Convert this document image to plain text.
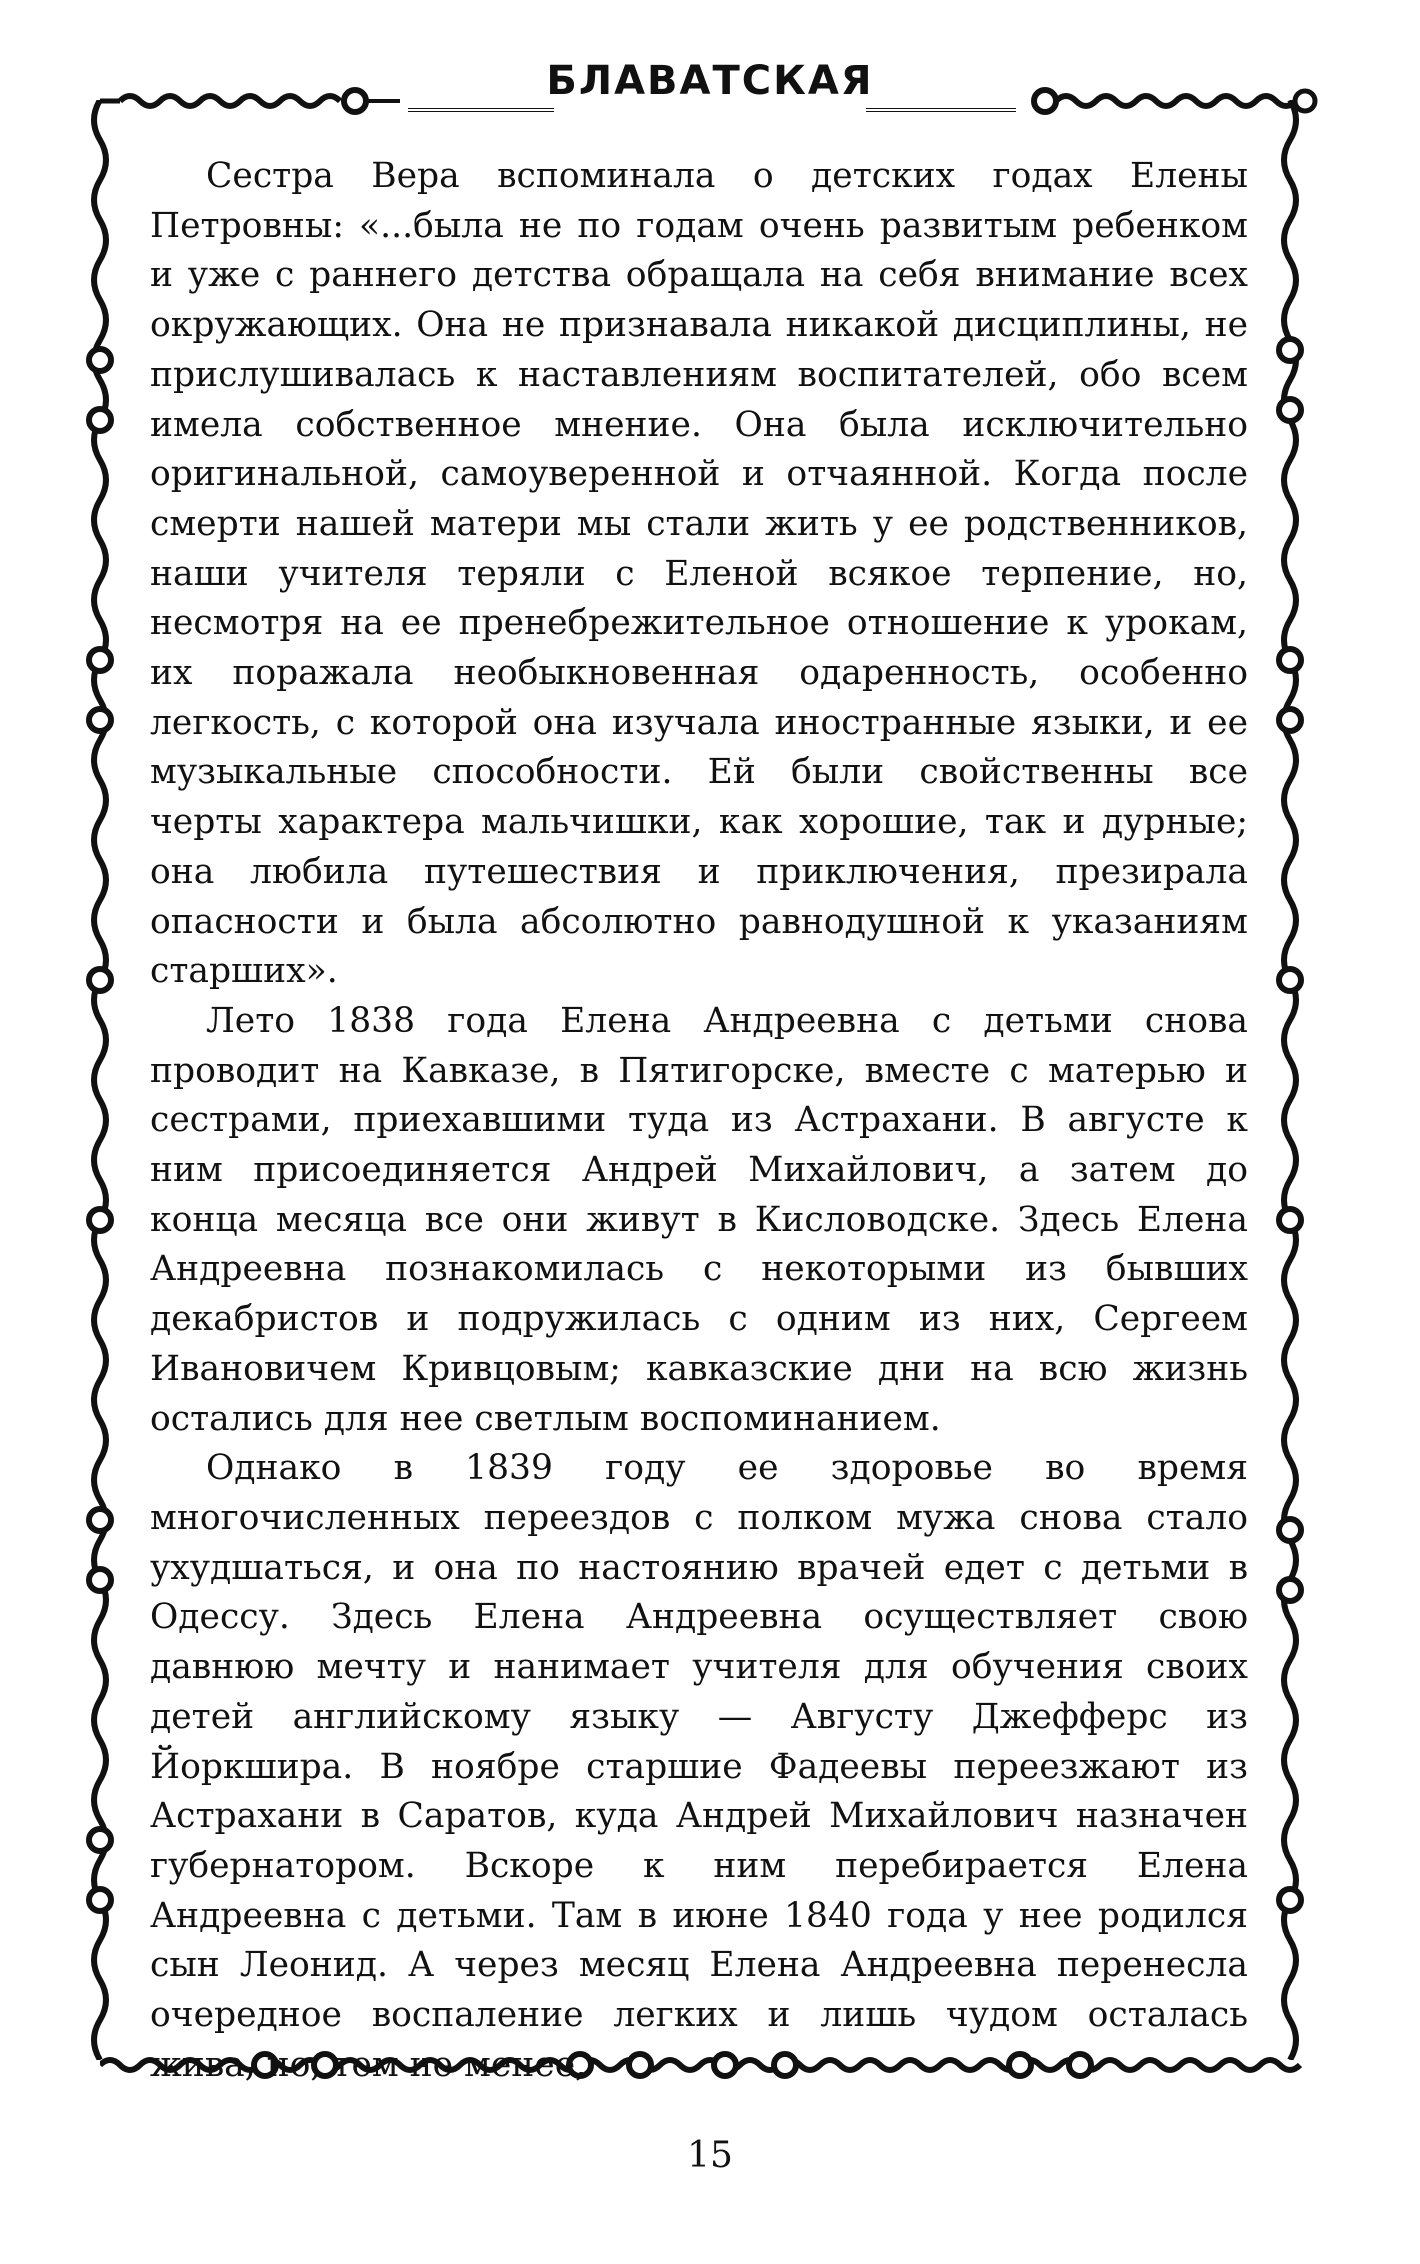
БЛАВАТСКАЯ

Сестра Вера вспоминала о детских годах Елены Петровны: «...была не по годам очень развитым ребенком и уже с раннего детства обращала на себя внимание всех окружающих. Она не признавала никакой дисциплины, не прислушивалась к наставлениям воспитателей, обо всем имела собственное мнение. Она была исключительно оригинальной, самоуверенной и отчаянной. Когда после смерти нашей матери мы стали жить у ее родственников, наши учителя теряли с Еленой всякое терпение, но, несмотря на ее пренебрежительное отношение к урокам, их поражала необыкновенная одаренность, особенно легкость, с которой она изучала иностранные языки, и ее музыкальные способности. Ей были свойственны все черты характера мальчишки, как хорошие, так и дурные; она любила путешествия и приключения, презирала опасности и была абсолютно равнодушной к указаниям старших».

Лето 1838 года Елена Андреевна с детьми снова проводит на Кавказе, в Пятигорске, вместе с матерью и сестрами, приехавшими туда из Астрахани. В августе к ним присоединяется Андрей Михайлович, а затем до конца месяца все они живут в Кисловодске. Здесь Елена Андреевна познакомилась с некоторыми из бывших декабристов и подружилась с одним из них, Сергеем Ивановичем Кривцовым; кавказские дни на всю жизнь остались для нее светлым воспоминанием.

Однако в 1839 году ее здоровье во время многочисленных переездов с полком мужа снова стало ухудшаться, и она по настоянию врачей едет с детьми в Одессу. Здесь Елена Андреевна осуществляет свою давнюю мечту и нанимает учителя для обучения своих детей английскому языку — Августу Джефферс из Йоркшира. В ноябре старшие Фадеевы переезжают из Астрахани в Саратов, куда Андрей Михайлович назначен губернатором. Вскоре к ним перебирается Елена Андреевна с детьми. Там в июне 1840 года у нее родился сын Леонид. А через месяц Елена Андреевна перенесла очередное воспаление легких и лишь чудом осталась жива, но, тем не менее,

15
